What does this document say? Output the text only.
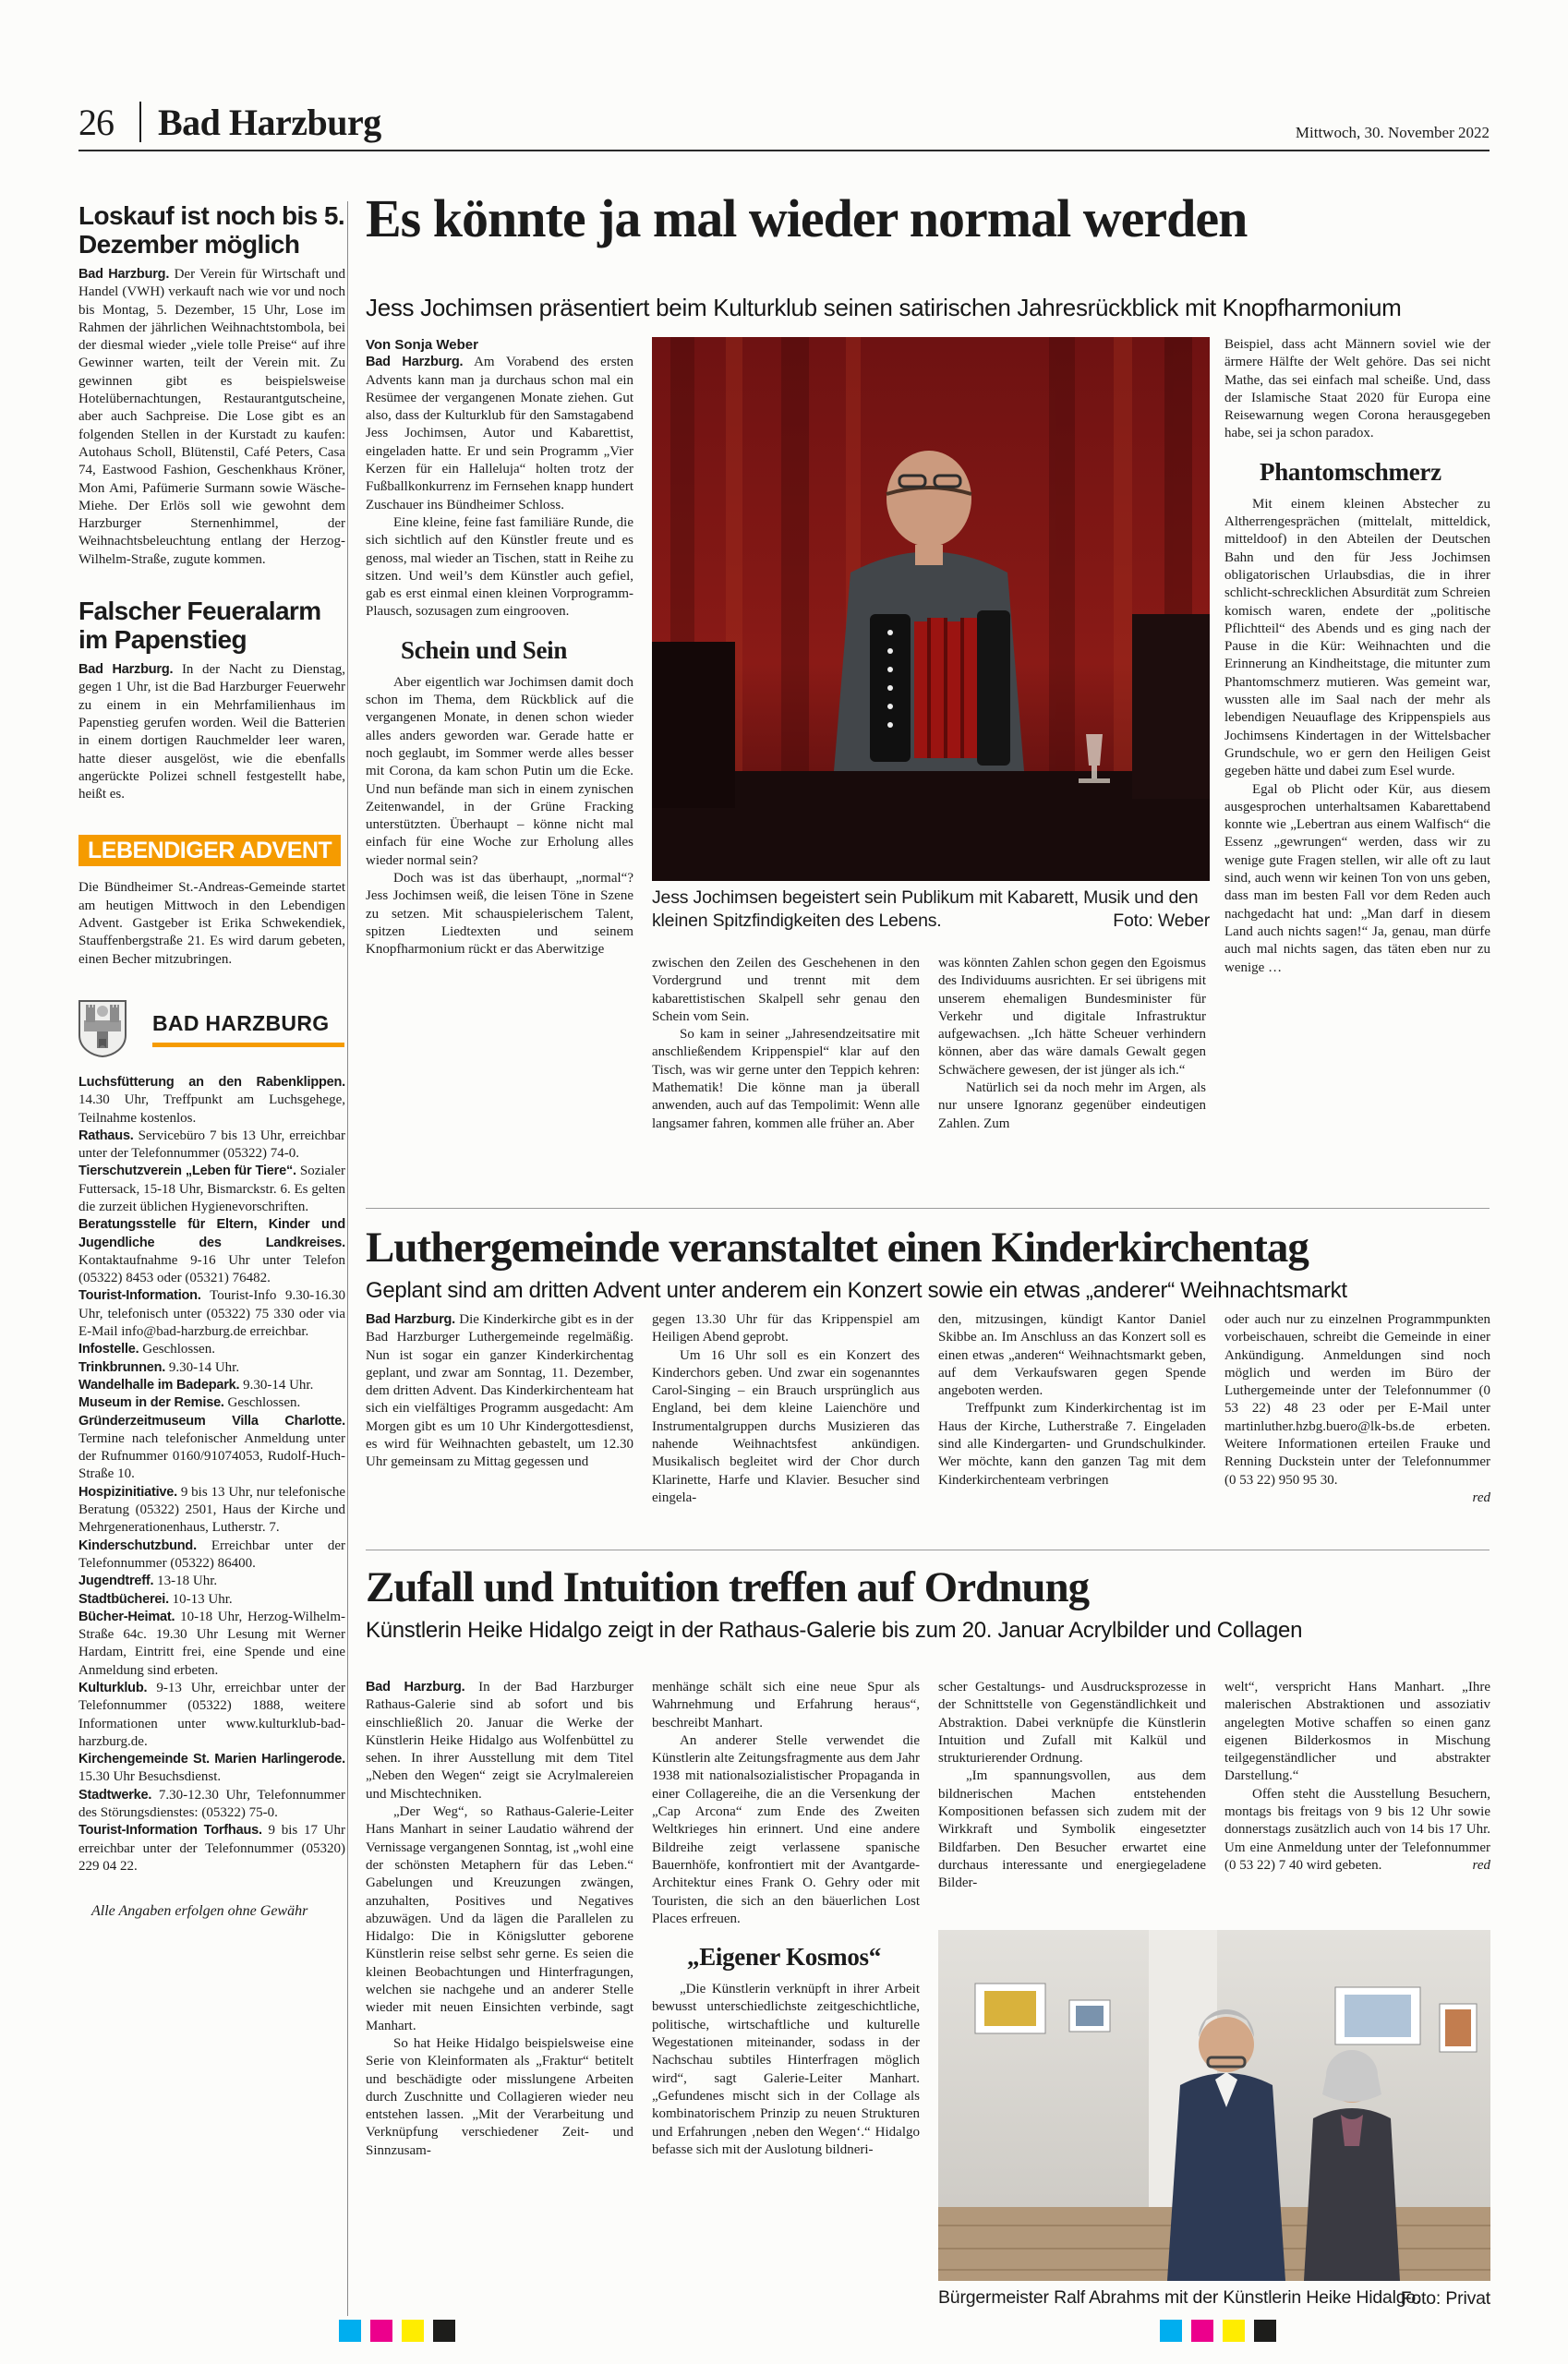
26 Bad Harzburg	Mittwoch, 30. November 2022
Loskauf ist noch bis 5. Dezember möglich

Bad Harzburg. Der Verein für Wirtschaft und Handel (VWH) verkauft nach wie vor und noch bis Montag, 5. Dezember, 15 Uhr, Lose im Rahmen der jährlichen Weihnachtstombola, bei der diesmal wieder „viele tolle Preise“ auf ihre Gewinner warten, teilt der Verein mit. Zu gewinnen gibt es beispielsweise Hotelübernachtungen, Restaurantgutscheine, aber auch Sachpreise. Die Lose gibt es an folgenden Stellen in der Kurstadt zu kaufen: Autohaus Scholl, Blütenstil, Café Peters, Casa 74, Eastwood Fashion, Geschenkhaus Kröner, Mon Ami, Pafümerie Surmann sowie Wäsche-Miehe. Der Erlös soll wie gewohnt dem Harzburger Sternenhimmel, der Weihnachtsbeleuchtung entlang der Herzog-Wilhelm-Straße, zugute kommen.

Falscher Feueralarm im Papenstieg

Bad Harzburg. In der Nacht zu Dienstag, gegen 1 Uhr, ist die Bad Harzburger Feuerwehr zu einem in ein Mehrfamilienhaus im Papenstieg gerufen worden. Weil die Batterien in einem dortigen Rauchmelder leer waren, hatte dieser ausgelöst, wie die ebenfalls angerückte Polizei schnell festgestellt habe, heißt es.

LEBENDIGER ADVENT

Die Bündheimer St.-Andreas-Gemeinde startet am heutigen Mittwoch in den Lebendigen Advent. Gastgeber ist Erika Schwekendiek, Stauffenbergstraße 21. Es wird darum gebeten, einen Becher mitzubringen.

BAD HARZBURG

Luchsfütterung an den Rabenklippen. 14.30 Uhr, Treffpunkt am Luchsgehege, Teilnahme kostenlos.

Rathaus. Servicebüro 7 bis 13 Uhr, erreichbar unter der Telefonnummer (05322) 74-0.

Tierschutzverein „Leben für Tiere“. Sozialer Futtersack, 15-18 Uhr, Bismarckstr. 6. Es gelten die zurzeit üblichen Hygienevorschriften.

Beratungsstelle für Eltern, Kinder und Jugendliche des Landkreises. Kontaktaufnahme 9-16 Uhr unter Telefon (05322) 8453 oder (05321) 76482.

Tourist-Information. Tourist-Info 9.30-16.30 Uhr, telefonisch unter (05322) 75 330 oder via E-Mail info@bad-harzburg.de erreichbar.

Infostelle. Geschlossen.

Trinkbrunnen. 9.30-14 Uhr.

Wandelhalle im Badepark. 9.30-14 Uhr.

Museum in der Remise. Geschlossen.

Gründerzeitmuseum Villa Charlotte. Termine nach telefonischer Anmeldung unter der Rufnummer 0160/91074053, Rudolf-Huch-Straße 10.

Hospizinitiative. 9 bis 13 Uhr, nur telefonische Beratung (05322) 2501, Haus der Kirche und Mehrgenerationenhaus, Lutherstr. 7.

Kinderschutzbund. Erreichbar unter der Telefonnummer (05322) 86400.

Jugendtreff. 13-18 Uhr.

Stadtbücherei. 10-13 Uhr.

Bücher-Heimat. 10-18 Uhr, Herzog-Wilhelm-Straße 64c. 19.30 Uhr Lesung mit Werner Hardam, Eintritt frei, eine Spende und eine Anmeldung sind erbeten.

Kulturklub. 9-13 Uhr, erreichbar unter der Telefonnummer (05322) 1888, weitere Informationen unter www.kulturklub-bad-harzburg.de.

Kirchengemeinde St. Marien Harlingerode. 15.30 Uhr Besuchsdienst.

Stadtwerke. 7.30-12.30 Uhr, Telefonnummer des Störungsdienstes: (05322) 75-0.

Tourist-Information Torfhaus. 9 bis 17 Uhr erreichbar unter der Telefonnummer (05320) 229 04 22.

Alle Angaben erfolgen ohne Gewähr

Es könnte ja mal wieder normal werden

Jess Jochimsen präsentiert beim Kulturklub seinen satirischen Jahresrückblick mit Knopfharmonium

Von Sonja Weber

Bad Harzburg. Am Vorabend des ersten Advents kann man ja durchaus schon mal ein Resümee der vergangenen Monate ziehen. Gut also, dass der Kulturklub für den Samstagabend Jess Jochimsen, Autor und Kabarettist, eingeladen hatte. Er und sein Programm „Vier Kerzen für ein Halleluja“ holten trotz der Fußballkonkurrenz im Fernsehen knapp hundert Zuschauer ins Bündheimer Schloss.

Eine kleine, feine fast familiäre Runde, die sich sichtlich auf den Künstler freute und es genoss, mal wieder an Tischen, statt in Reihe zu sitzen. Und weil’s dem Künstler auch gefiel, gab es erst einmal einen kleinen Vorprogramm-Plausch, sozusagen zum eingrooven.

Schein und Sein

Aber eigentlich war Jochimsen damit doch schon im Thema, dem Rückblick auf die vergangenen Monate, in denen schon wieder alles anders geworden war. Gerade hatte er noch geglaubt, im Sommer werde alles besser mit Corona, da kam schon Putin um die Ecke. Und nun befände man sich in einem zynischen Zeitenwandel, in der Grüne Fracking unterstützten. Überhaupt – könne nicht mal einfach für eine Woche zur Erholung alles wieder normal sein?

Doch was ist das überhaupt, „normal“? Jess Jochimsen weiß, die leisen Töne in Szene zu setzen. Mit schauspielerischem Talent, spitzen Liedtexten und seinem Knopfharmonium rückt er das Aberwitzige

Jess Jochimsen begeistert sein Publikum mit Kabarett, Musik und den kleinen Spitzfindigkeiten des Lebens.	Foto: Weber

zwischen den Zeilen des Geschehenen in den Vordergrund und trennt mit dem kabarettistischen Skalpell sehr genau den Schein vom Sein.

So kam in seiner „Jahresendzeitsatire mit anschließendem Krippenspiel“ klar auf den Tisch, was wir gerne unter den Teppich kehren: Mathematik! Die könne man ja überall anwenden, auch auf das Tempolimit: Wenn alle langsamer fahren, kommen alle früher an. Aber

was könnten Zahlen schon gegen den Egoismus des Individuums ausrichten. Er sei übrigens mit unserem ehemaligen Bundesminister für Verkehr und digitale Infrastruktur aufgewachsen. „Ich hätte Scheuer verhindern können, aber das wäre damals Gewalt gegen Schwächere gewesen, der ist jünger als ich.“

Natürlich sei da noch mehr im Argen, als nur unsere Ignoranz gegenüber eindeutigen Zahlen. Zum

Beispiel, dass acht Männern soviel wie der ärmere Hälfte der Welt gehöre. Das sei nicht Mathe, das sei einfach mal scheiße. Und, dass der Islamische Staat 2020 für Europa eine Reisewarnung wegen Corona herausgegeben habe, sei ja schon paradox.

Phantomschmerz

Mit einem kleinen Abstecher zu Altherrengesprächen (mittelalt, mitteldick, mitteldoof) in den Abteilen der Deutschen Bahn und den für Jess Jochimsen obligatorischen Urlaubsdias, die in ihrer schlicht-schrecklichen Absurdität zum Schreien komisch waren, endete der „politische Pflichtteil“ des Abends und es ging nach der Pause in die Kür: Weihnachten und die Erinnerung an Kindheitstage, die mitunter zum Phantomschmerz mutieren. Was gemeint war, wussten alle im Saal nach der mehr als lebendigen Neuauflage des Krippenspiels aus Jochimsens Kindertagen in der Wittelsbacher Grundschule, wo er gern den Heiligen Geist gegeben hätte und dabei zum Esel wurde.

Egal ob Plicht oder Kür, aus diesem ausgesprochen unterhaltsamen Kabarettabend konnte wie „Lebertran aus einem Walfisch“ die Essenz „gewrungen“ werden, dass wir zu wenige gute Fragen stellen, wir alle oft zu laut sind, auch wenn wir keinen Ton von uns geben, dass man im besten Fall vor dem Reden auch nachgedacht hat und: „Man darf in diesem Land auch nichts sagen!“ Ja, genau, man dürfe auch mal nichts sagen, das täten eben nur zu wenige …

Luthergemeinde veranstaltet einen Kinderkirchentag

Geplant sind am dritten Advent unter anderem ein Konzert sowie ein etwas „anderer“ Weihnachtsmarkt

Bad Harzburg. Die Kinderkirche gibt es in der Bad Harzburger Luthergemeinde regelmäßig. Nun ist sogar ein ganzer Kinderkirchentag geplant, und zwar am Sonntag, 11. Dezember, dem dritten Advent. Das Kinderkirchenteam hat sich ein vielfältiges Programm ausgedacht: Am Morgen gibt es um 10 Uhr Kindergottesdienst, es wird für Weihnachten gebastelt, um 12.30 Uhr gemeinsam zu Mittag gegessen und

gegen 13.30 Uhr für das Krippenspiel am Heiligen Abend geprobt.

Um 16 Uhr soll es ein Konzert des Kinderchors geben. Und zwar ein sogenanntes Carol-Singing – ein Brauch ursprünglich aus England, bei dem kleine Laienchöre und Instrumentalgruppen durchs Musizieren das nahende Weihnachtsfest ankündigen. Musikalisch begleitet wird der Chor durch Klarinette, Harfe und Klavier. Besucher sind eingela-

den, mitzusingen, kündigt Kantor Daniel Skibbe an. Im Anschluss an das Konzert soll es einen etwas „anderen“ Weihnachtsmarkt geben, auf dem Verkaufswaren gegen Spende angeboten werden.

Treffpunkt zum Kinderkirchentag ist im Haus der Kirche, Lutherstraße 7. Eingeladen sind alle Kindergarten- und Grundschulkinder. Wer möchte, kann den ganzen Tag mit dem Kinderkirchenteam verbringen

oder auch nur zu einzelnen Programmpunkten vorbeischauen, schreibt die Gemeinde in einer Ankündigung. Anmeldungen sind noch möglich und werden im Büro der Luthergemeinde unter der Telefonnummer (0 53 22) 48 23 oder per E-Mail unter martinluther.hzbg.buero@lk-bs.de erbeten. Weitere Informationen erteilen Frauke und Renning Duckstein unter der Telefonnummer (0 53 22) 950 95 30.

red

Zufall und Intuition treffen auf Ordnung

Künstlerin Heike Hidalgo zeigt in der Rathaus-Galerie bis zum 20. Januar Acrylbilder und Collagen

Bad Harzburg. In der Bad Harzburger Rathaus-Galerie sind ab sofort und bis einschließlich 20. Januar die Werke der Künstlerin Heike Hidalgo aus Wolfenbüttel zu sehen. In ihrer Ausstellung mit dem Titel „Neben den Wegen“ zeigt sie Acrylmalereien und Mischtechniken.

„Der Weg“, so Rathaus-Galerie-Leiter Hans Manhart in seiner Laudatio während der Vernissage vergangenen Sonntag, ist „wohl eine der schönsten Metaphern für das Leben.“ Gabelungen und Kreuzungen zwängen, anzuhalten, Positives und Negatives abzuwägen. Und da lägen die Parallelen zu Hidalgo: Die in Königslutter geborene Künstlerin reise selbst sehr gerne. Es seien die kleinen Beobachtungen und Hinterfragungen, welchen sie nachgehe und an anderer Stelle wieder mit neuen Einsichten verbinde, sagt Manhart.

So hat Heike Hidalgo beispielsweise eine Serie von Kleinformaten als „Fraktur“ betitelt und beschädigte oder misslungene Arbeiten durch Zuschnitte und Collagieren wieder neu entstehen lassen. „Mit der Verarbeitung und Verknüpfung verschiedener Zeit- und Sinnzusam-

menhänge schält sich eine neue Spur als Wahrnehmung und Erfahrung heraus“, beschreibt Manhart.

An anderer Stelle verwendet die Künstlerin alte Zeitungsfragmente aus dem Jahr 1938 mit nationalsozialistischer Propaganda in einer Collagereihe, die an die Versenkung der „Cap Arcona“ zum Ende des Zweiten Weltkrieges hin erinnert. Und eine andere Bildreihe zeigt verlassene spanische Bauernhöfe, konfrontiert mit der Avantgarde-Architektur eines Frank O. Gehry oder mit Touristen, die sich an den bäuerlichen Lost Places erfreuen.

„Eigener Kosmos“

„Die Künstlerin verknüpft in ihrer Arbeit bewusst unterschiedlichste zeitgeschichtliche, politische, wirtschaftliche und kulturelle Wegestationen miteinander, sodass in der Nachschau subtiles Hinterfragen möglich wird“, sagt Galerie-Leiter Manhart. „Gefundenes mischt sich in der Collage als kombinatorischem Prinzip zu neuen Strukturen und Erfahrungen ‚neben den Wegen‘.“ Hidalgo befasse sich mit der Auslotung bildneri-

scher Gestaltungs- und Ausdrucksprozesse in der Schnittstelle von Gegenständlichkeit und Abstraktion. Dabei verknüpfe die Künstlerin Intuition und Zufall mit Kalkül und strukturierender Ordnung.

„Im spannungsvollen, aus dem bildnerischen Machen entstehenden Kompositionen befassen sich zudem mit der Wirkkraft und Symbolik eingesetzter Bildfarben. Den Besucher erwartet eine durchaus interessante und energiegeladene Bilder-

welt“, verspricht Hans Manhart. „Ihre malerischen Abstraktionen und assoziativ angelegten Motive schaffen so einen ganz eigenen Bilderkosmos in Mischung teilgegenständlicher und abstrakter Darstellung.“

Offen steht die Ausstellung Besuchern, montags bis freitags von 9 bis 12 Uhr sowie donnerstags zusätzlich auch von 14 bis 17 Uhr. Um eine Anmeldung unter der Telefonnummer (0 53 22) 7 40 wird gebeten.	red

Bürgermeister Ralf Abrahms mit der Künstlerin Heike Hidalgo.
Foto: Privat
